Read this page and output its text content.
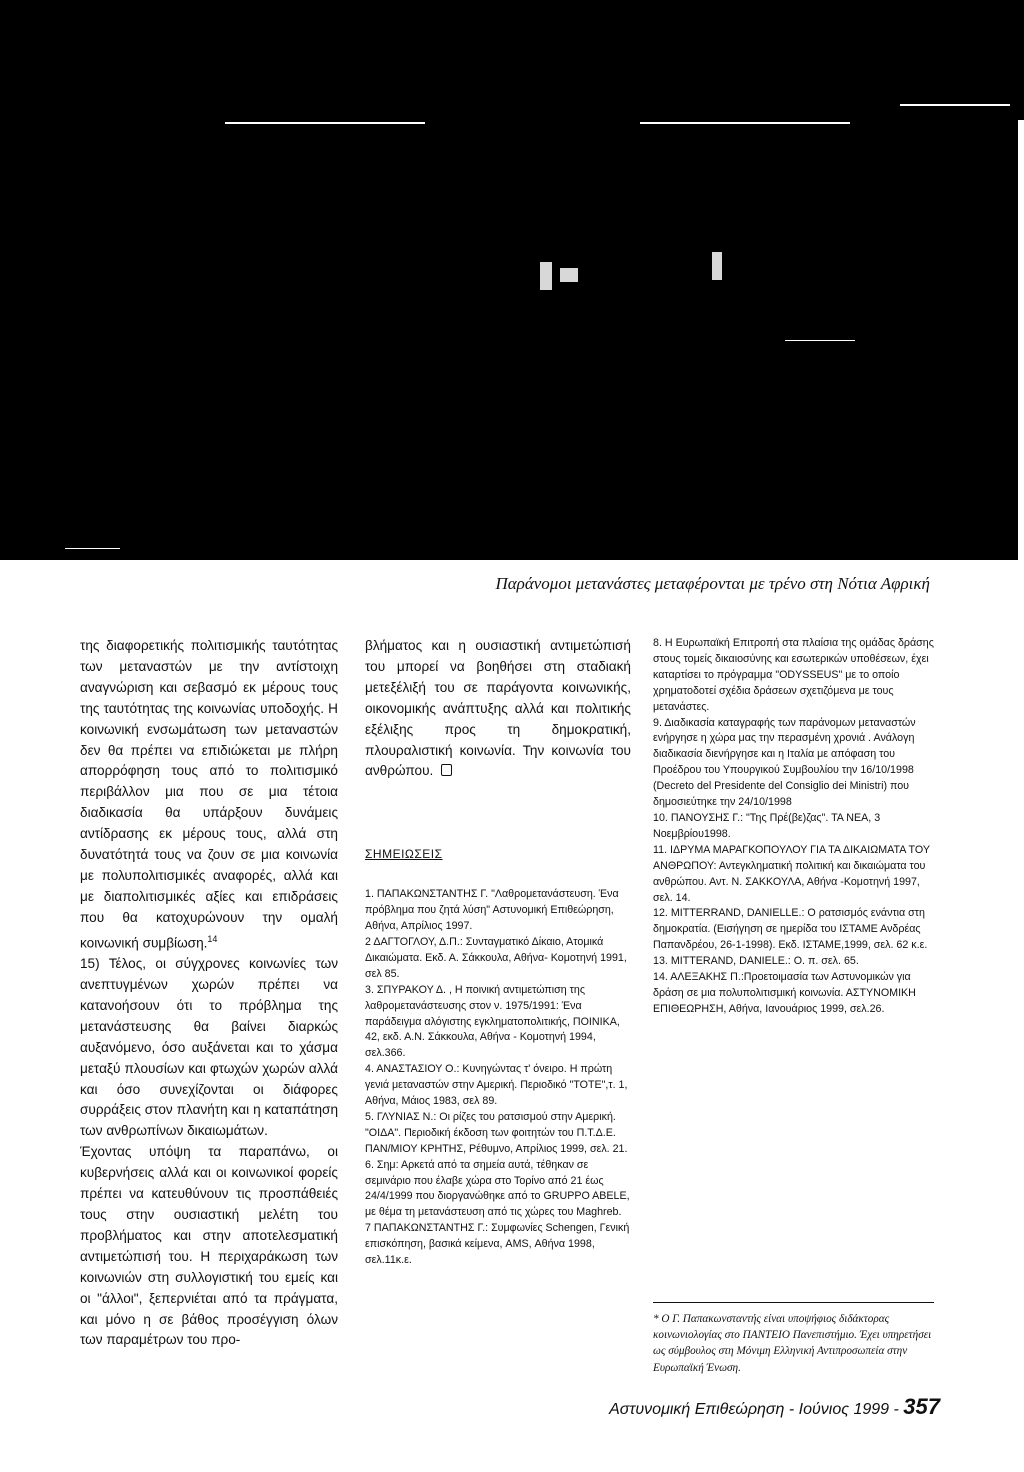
Παράνομοι μετανάστες μεταφέρονται με τρένο στη Νότια Αφρική

της διαφορετικής πολιτισμικής ταυτότητας των μεταναστών με την αντίστοιχη αναγνώριση και σεβασμό εκ μέρους τους της ταυτότητας της κοινωνίας υποδοχής. Η κοινωνική ενσωμάτωση των μεταναστών δεν θα πρέπει να επιδιώκεται με πλήρη απορρόφηση τους από το πολιτισμικό περιβάλλον μια που σε μια τέτοια διαδικασία θα υπάρξουν δυνάμεις αντίδρασης εκ μέρους τους, αλλά στη δυνατότητά τους να ζουν σε μια κοινωνία με πολυπολιτισμικές αναφορές, αλλά και με διαπολιτισμικές αξίες και επιδράσεις που θα κατοχυρώνουν την ομαλή κοινωνική συμβίωση.$^{14}$

15) Τέλος, οι σύγχρονες κοινωνίες των ανεπτυγμένων χωρών πρέπει να κατανοήσουν ότι το πρόβλημα της μετανάστευσης θα βαίνει διαρκώς αυξανόμενο, όσο αυξάνεται και το χάσμα μεταξύ πλουσίων και φτωχών χωρών αλλά και όσο συνεχίζονται οι διάφορες συρράξεις στον πλανήτη και η καταπάτηση των ανθρωπίνων δικαιωμάτων.

Έχοντας υπόψη τα παραπάνω, οι κυβερνήσεις αλλά και οι κοινωνικοί φορείς πρέπει να κατευθύνουν τις προσπάθειές τους στην ουσιαστική μελέτη του προβλήματος και στην αποτελεσματική αντιμετώπισή του. Η περιχαράκωση των κοινωνιών στη συλλογιστική του εμείς και οι "άλλοι", ξεπερνιέται από τα πράγματα, και μόνο η σε βάθος προσέγγιση όλων των παραμέτρων του προ-

βλήματος και η ουσιαστική αντιμετώπισή του μπορεί να βοηθήσει στη σταδιακή μετεξέλιξή του σε παράγοντα κοινωνικής, οικονομικής ανάπτυξης αλλά και πολιτικής εξέλιξης προς τη δημοκρατική, πλουραλιστική κοινωνία. Την κοινωνία του ανθρώπου.

ΣΗΜΕΙΩΣΕΙΣ

1. ΠΑΠΑΚΩΝΣΤΑΝΤΗΣ Γ. "Λαθρομετανάστευση. Ένα πρόβλημα που ζητά λύση" Αστυνομική Επιθεώρηση, Αθήνα, Απρίλιος 1997.

2 ΔΑΓΤΟΓΛΟΥ, Δ.Π.: Συνταγματικό Δίκαιο, Ατομικά Δικαιώματα. Εκδ. Α. Σάκκουλα, Αθήνα- Κομοτηνή 1991, σελ 85.

3. ΣΠΥΡΑΚΟΥ Δ. , Η ποινική αντιμετώπιση της λαθρομετανάστευσης στον ν. 1975/1991: Ένα παράδειγμα αλόγιστης εγκληματοπολιτικής, ΠΟΙΝΙΚΑ, 42, εκδ. Α.Ν. Σάκκουλα, Αθήνα - Κομοτηνή 1994, σελ.366.

4. ΑΝΑΣΤΑΣΙΟΥ Ο.: Κυνηγώντας τ' όνειρο. Η πρώτη γενιά μεταναστών στην Αμερική. Περιοδικό "ΤΟΤΕ",τ. 1, Αθήνα, Μάιος 1983, σελ 89.

5. ΓΛΥΝΙΑΣ Ν.: Οι ρίζες του ρατσισμού στην Αμερική. "ΟΙΔΑ". Περιοδική έκδοση των φοιτητών του Π.Τ.Δ.Ε. ΠΑΝ/ΜΙΟΥ ΚΡΗΤΗΣ, Ρέθυμνο, Απρίλιος 1999, σελ. 21.

6. Σημ: Αρκετά από τα σημεία αυτά, τέθηκαν σε σεμινάριο που έλαβε χώρα στο Τορίνο από 21 έως 24/4/1999 που διοργανώθηκε από το GRUPPO ABELE, με θέμα τη μετανάστευση από τις χώρες του Maghreb.

7 ΠΑΠΑΚΩΝΣΤΑΝΤΗΣ Γ.: Συμφωνίες Schengen, Γενική επισκόπηση, βασικά κείμενα, AMS, Αθήνα 1998, σελ.11κ.ε.

8. Η Ευρωπαϊκή Επιτροπή στα πλαίσια της ομάδας δράσης στους τομείς δικαιοσύνης και εσωτερικών υποθέσεων, έχει καταρτίσει το πρόγραμμα "ODYSSEUS" με το οποίο χρηματοδοτεί σχέδια δράσεων σχετιζόμενα με τους μετανάστες.

9. Διαδικασία καταγραφής των παράνομων μεταναστών ενήργησε η χώρα μας την περασμένη χρονιά . Ανάλογη διαδικασία διενήργησε και η Ιταλία με απόφαση του Προέδρου του Υπουργικού Συμβουλίου την 16/10/1998 (Decreto del Presidente del Consiglio dei Ministri) που δημοσιεύτηκε την 24/10/1998

10. ΠΑΝΟΥΣΗΣ Γ.: "Της Πρέ(βε)ζας". ΤΑ ΝΕΑ, 3 Νοεμβρίου1998.

11. ΙΔΡΥΜΑ ΜΑΡΑΓΚΟΠΟΥΛΟΥ ΓΙΑ ΤΑ ΔΙΚΑΙΩΜΑΤΑ ΤΟΥ ΑΝΘΡΩΠΟΥ: Αντεγκληματική πολιτική και δικαιώματα του ανθρώπου. Αντ. Ν. ΣΑΚΚΟΥΛΑ, Αθήνα -Κομοτηνή 1997, σελ. 14.

12. MITTERRAND, DANIELLE.: Ο ρατσισμός ενάντια στη δημοκρατία. (Εισήγηση σε ημερίδα του ΙΣΤΑΜΕ Ανδρέας Παπανδρέου, 26-1-1998). Εκδ. ΙΣΤΑΜΕ,1999, σελ. 62 κ.ε.

13. MITTERAND, DANIELE.: Ο. π. σελ. 65.

14. ΑΛΕΞΑΚΗΣ Π.:Προετοιμασία των Αστυνομικών για δράση σε μια πολυπολιτισμική κοινωνία. ΑΣΤΥΝΟΜΙΚΗ ΕΠΙΘΕΩΡΗΣΗ, Αθήνα, Ιανουάριος 1999, σελ.26.

* Ο Γ. Παπακωνσταντής είναι υποψήφιος διδάκτορας κοινωνιολογίας στο ΠΑΝΤΕΙΟ Πανεπιστήμιο. Έχει υπηρετήσει ως σύμβουλος στη Μόνιμη Ελληνική Αντιπροσωπεία στην Ευρωπαϊκή Ένωση.
Αστυνομική Επιθεώρηση - Ιούνιος 1999 - 357
